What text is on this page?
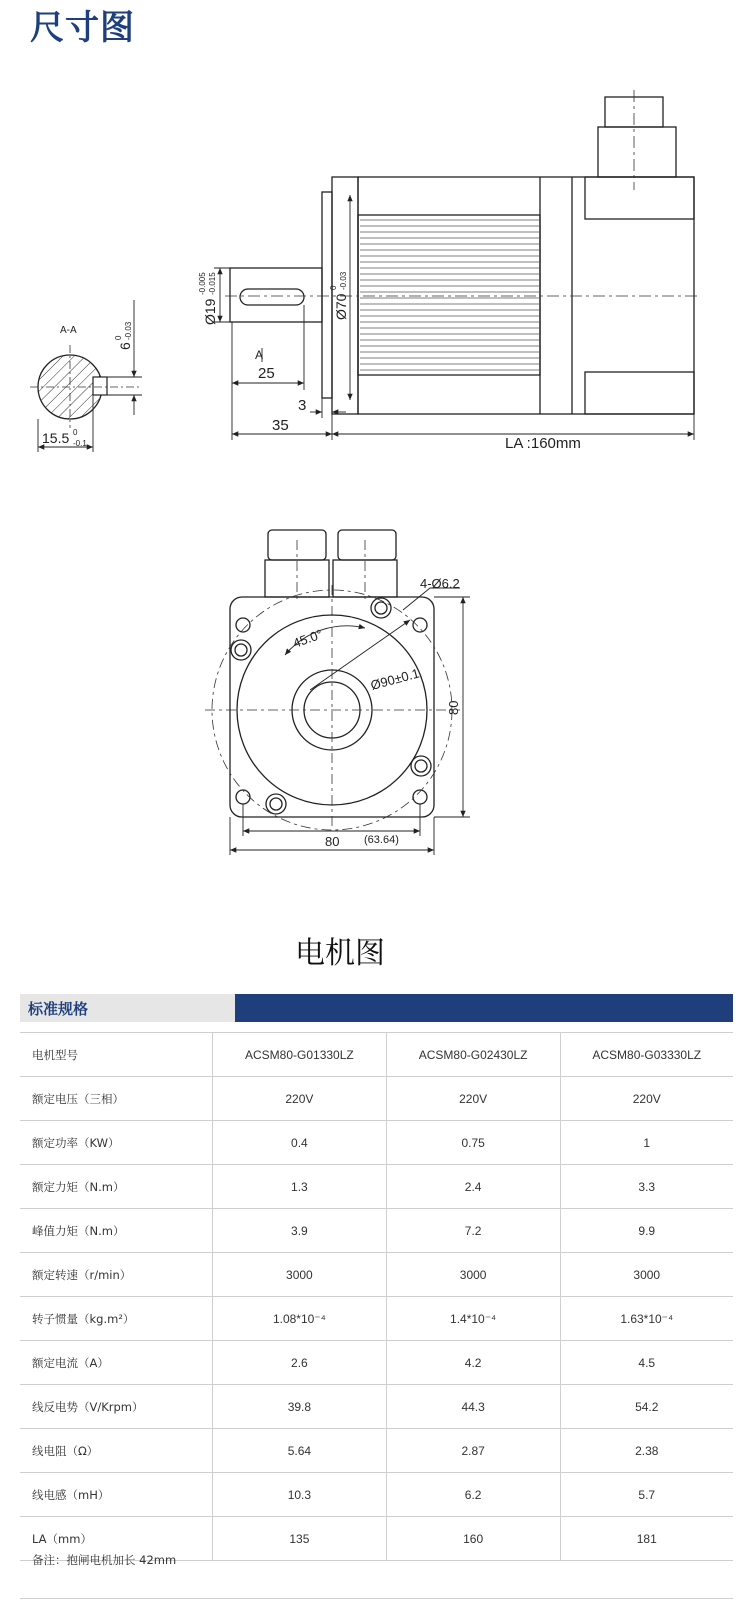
尺寸图
A-A
6
0 -0.03
15.5 0
-0.1
Ø19
-0.005 -0.015
Ø70
0 -0.03
A
25
3
35
LA :160mm
4-Ø6.2
45.0°
Ø90±0.1
80
80 (63.64)
电机图
标准规格
电机型号	ACSM80-G01330LZ	ACSM80-G02430LZ	ACSM80-G03330LZ
额定电压（三相）	220V	220V	220V
额定功率（KW）	0.4	0.75	1
额定力矩（N.m）	1.3	2.4	3.3
峰值力矩（N.m）	3.9	7.2	9.9
额定转速（r/min）	3000	3000	3000
转子惯量（kg.m²）	1.08*10⁻⁴	1.4*10⁻⁴	1.63*10⁻⁴
额定电流（A）	2.6	4.2	4.5
线反电势（V/Krpm）	39.8	44.3	54.2
线电阻（Ω）	5.64	2.87	2.38
线电感（mH）	10.3	6.2	5.7
LA（mm）	135	160	181
备注：抱闸电机加长 42mm
